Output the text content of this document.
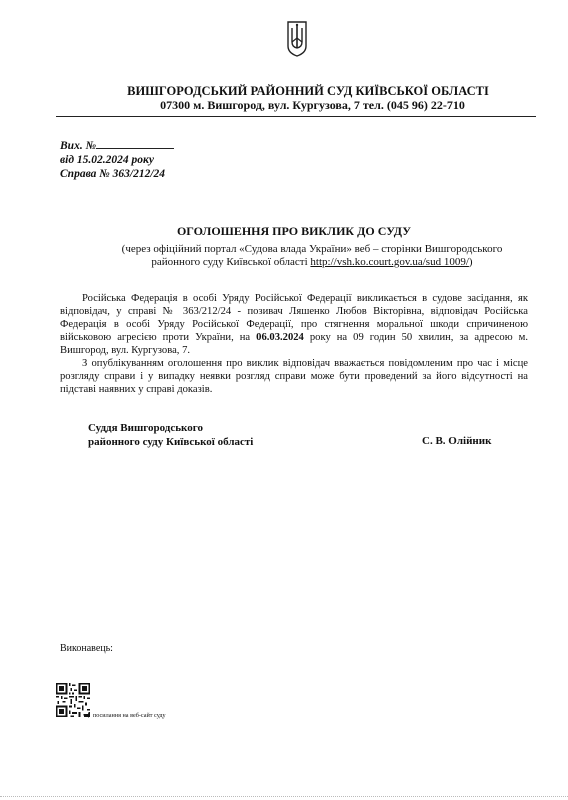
ВИШГОРОДСЬКИЙ РАЙОННИЙ СУД КИЇВСЬКОЇ ОБЛАСТІ
07300 м. Вишгород, вул. Кургузова, 7 тел. (045 96) 22-710
Вих. №
від 15.02.2024 року
Справа № 363/212/24
ОГОЛОШЕННЯ ПРО ВИКЛИК ДО СУДУ
(через офіційний портал «Судова влада України» веб – сторінки Вишгородського районного суду Київської області http://vsh.ko.court.gov.ua/sud 1009/)

Російська Федерація в особі Уряду Російської Федерації викликається в судове засідання, як відповідач, у справі № 363/212/24 - позивач Ляшенко Любов Вікторівна, відповідач Російська Федерація в особі Уряду Російської Федерації, про стягнення моральної шкоди спричиненою військовою агресією проти України, на 06.03.2024 року на 09 годин 50 хвилин, за адресою м. Вишгород, вул. Кургузова, 7.

З опублікуванням оголошення про виклик відповідач вважається повідомленим про час і місце розгляду справи і у випадку неявки розгляд справи може бути проведений за його відсутності на підставі наявних у справі доказів.

Суддя Вишгородського
районного суду Київської області	С. В. Олійник
Виконавець:
посилання на веб-сайт суду
